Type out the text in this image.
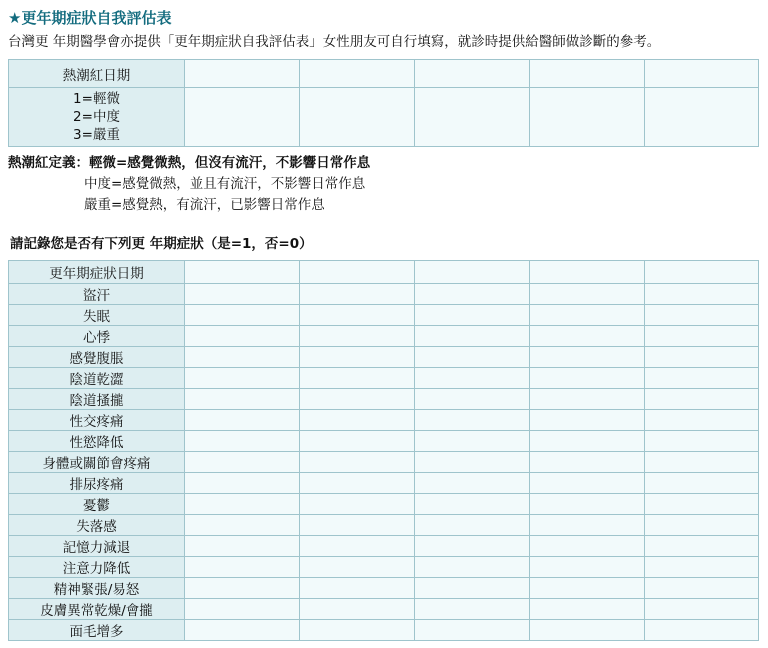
★更年期症狀自我評估表
台灣更 年期醫學會亦提供「更年期症狀自我評估表」女性朋友可自行填寫，就診時提供給醫師做診斷的參考。
熱潮紅日期					

1=輕微
2=中度
3=嚴重					

熱潮紅定義：輕微=感覺微熱，但沒有流汗，不影響日常作息
中度=感覺微熱，並且有流汗，不影響日常作息
嚴重=感覺熱，有流汗，已影響日常作息
請記錄您是否有下列更 年期症狀（是=1，否=0）
更年期症狀日期					
盜汗					
失眠					
心悸					
感覺腹脹					
陰道乾澀					
陰道搔攏					
性交疼痛					
性慾降低					
身體或關節會疼痛					
排尿疼痛					
憂鬱					
失落感					
記憶力減退					
注意力降低					
精神緊張/易怒					
皮膚異常乾燥/會攏					
面毛增多					
